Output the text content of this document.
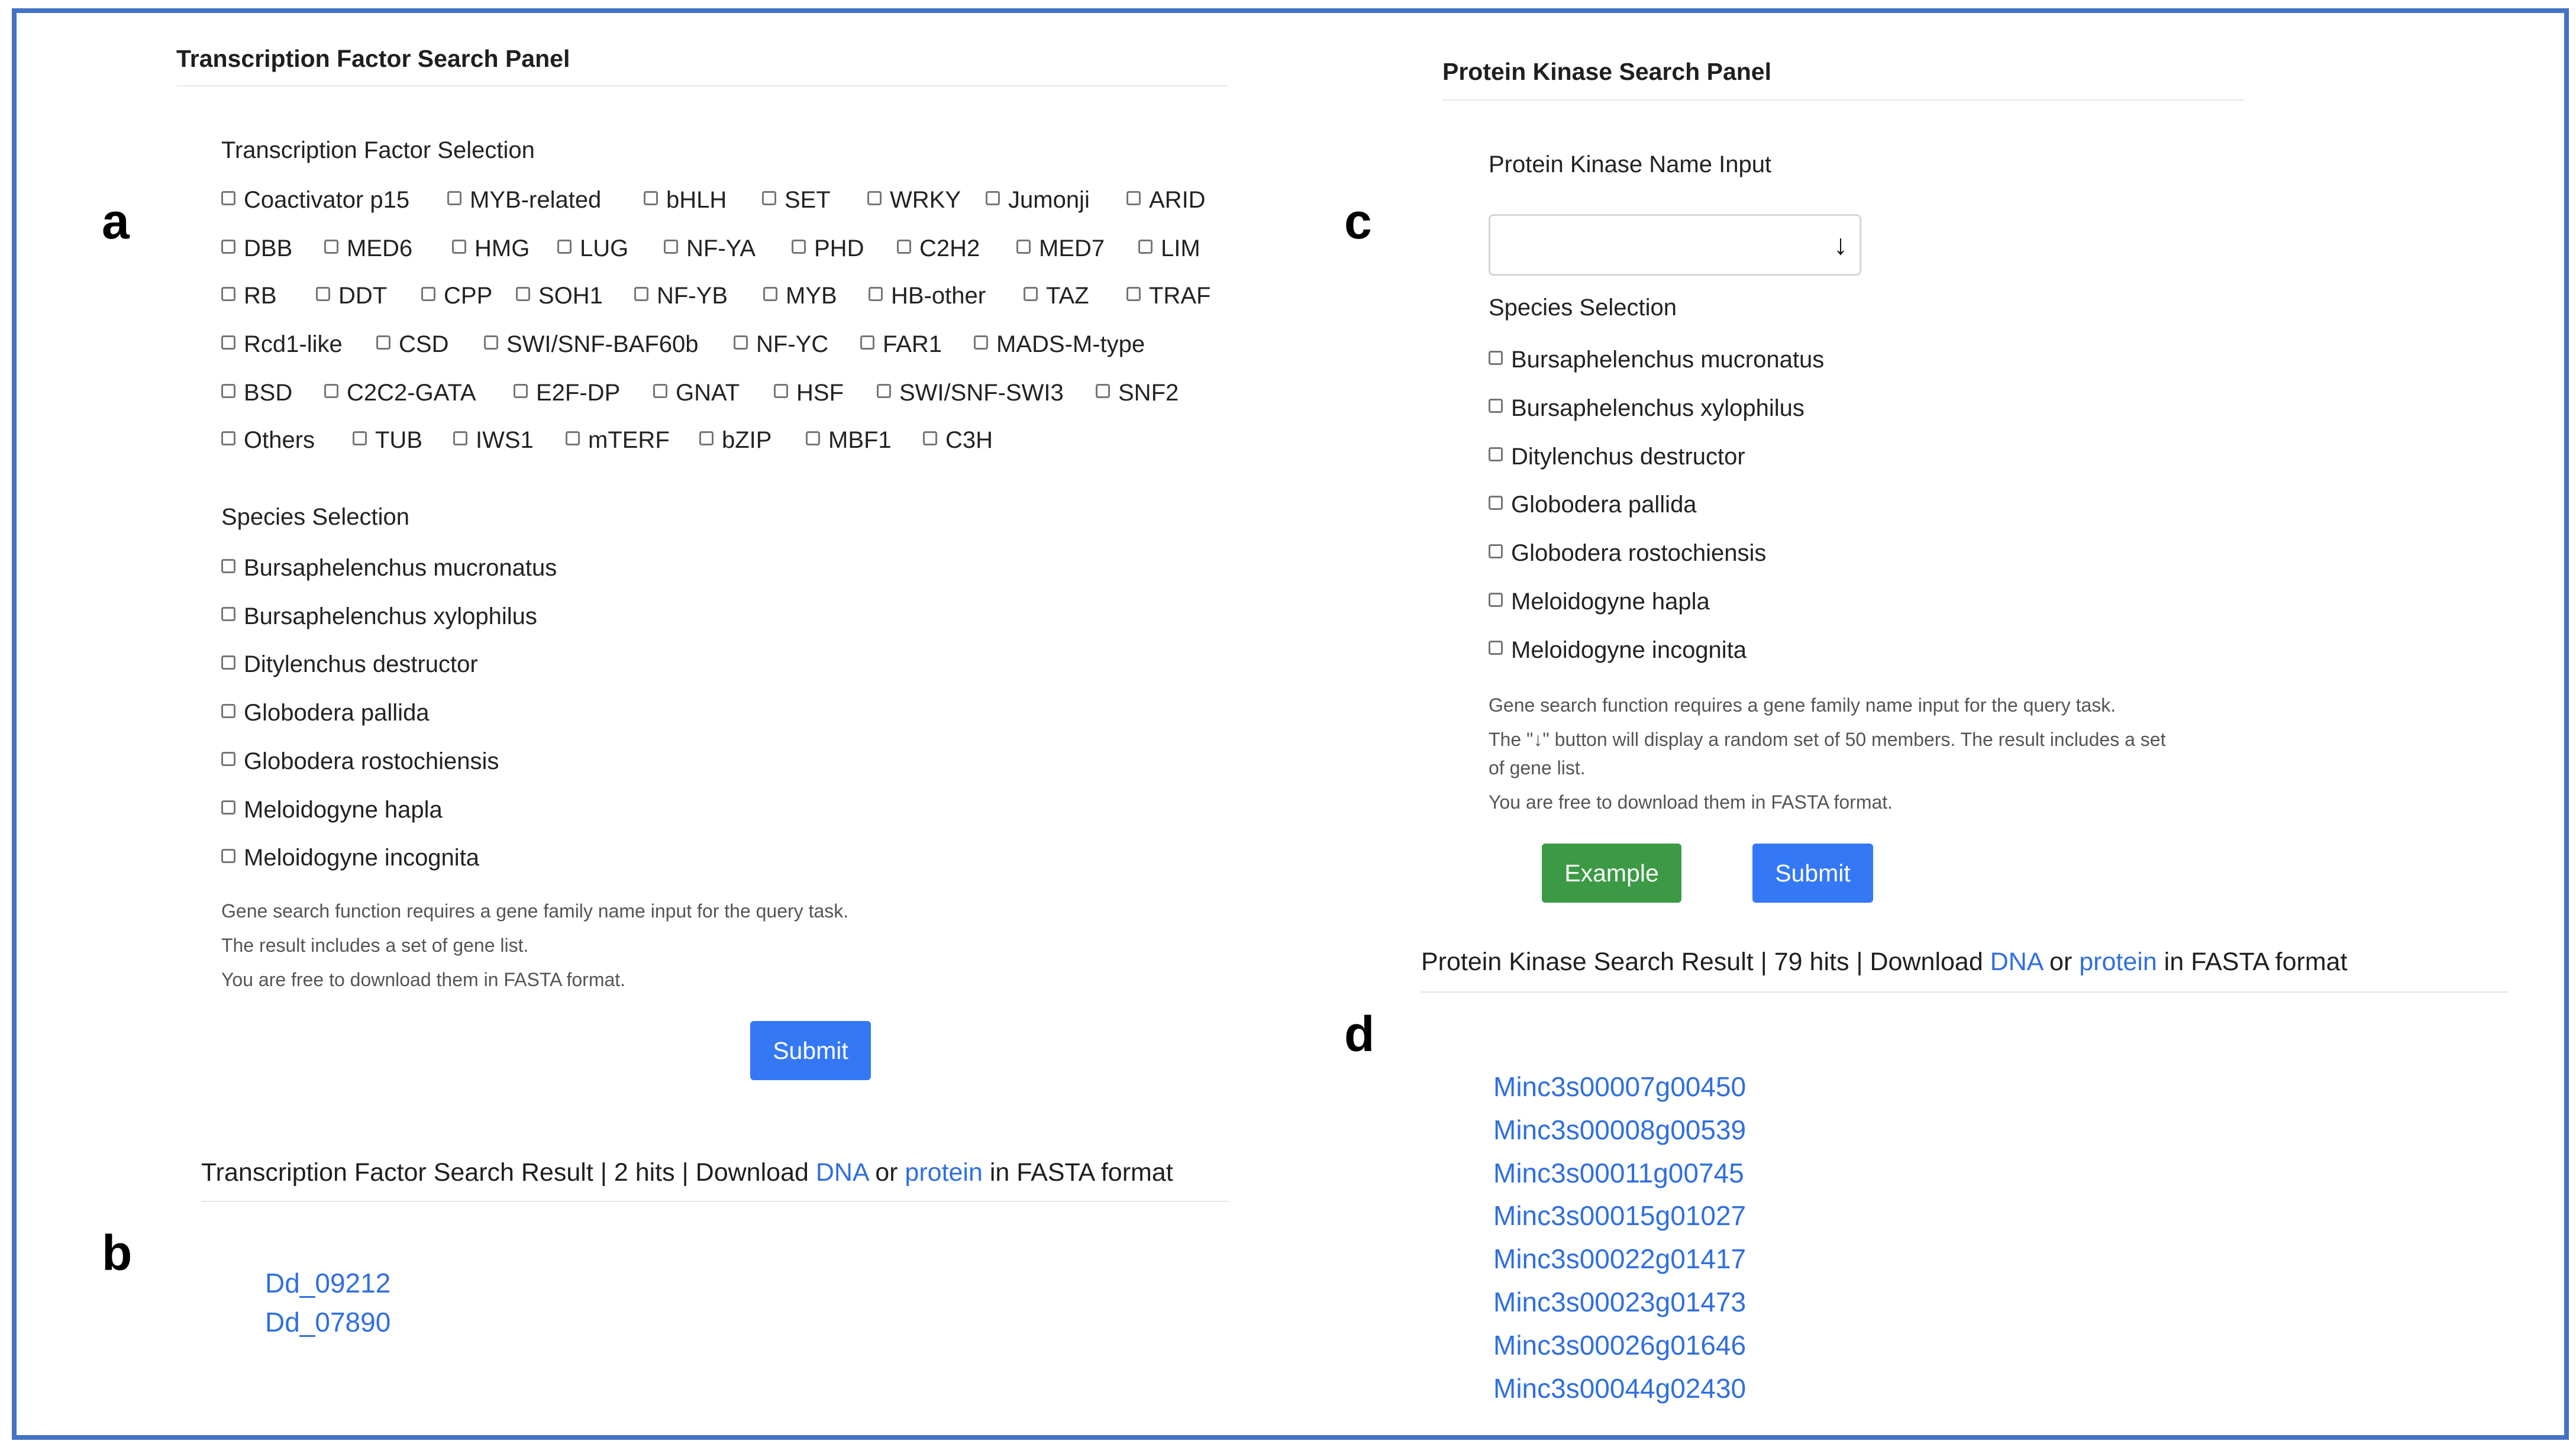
a
b
c
d
Transcription Factor Search Panel
Transcription Factor Selection
Coactivator p15	MYB-related	bHLH SET	WRKY Jumonji	ARID
DBB MED6	HMG LUG NF-YA PHD C2H2 MED7 LIM
RB	DDT CPP SOH1 NF-YB MYB HB-other	TAZ	TRAF
Rcd1-like CSD SWI/SNF-BAF60b NF-YC FAR1 MADS-M-type
BSD C2C2-GATA	E2F-DP GNAT HSF SWI/SNF-SWI3 SNF2
Others	TUB IWS1 mTERF bZIP MBF1 C3H
Species Selection
Bursaphelenchus mucronatus
Bursaphelenchus xylophilus
Ditylenchus destructor
Globodera pallida
Globodera rostochiensis
Meloidogyne hapla
Meloidogyne incognita
Gene search function requires a gene family name input for the query task.
The result includes a set of gene list.
You are free to download them in FASTA format.
Submit
Transcription Factor Search Result | 2 hits | Download DNA or protein in FASTA format
Dd_09212
Dd_07890
Protein Kinase Search Panel
Protein Kinase Name Input
↓
Species Selection
Bursaphelenchus mucronatus
Bursaphelenchus xylophilus
Ditylenchus destructor
Globodera pallida
Globodera rostochiensis
Meloidogyne hapla
Meloidogyne incognita
Gene search function requires a gene family name input for the query task.
The "↓" button will display a random set of 50 members. The result includes a set
of gene list.
You are free to download them in FASTA format.
Example	Submit
Protein Kinase Search Result | 79 hits | Download DNA or protein in FASTA format
Minc3s00007g00450
Minc3s00008g00539
Minc3s00011g00745
Minc3s00015g01027
Minc3s00022g01417
Minc3s00023g01473
Minc3s00026g01646
Minc3s00044g02430
